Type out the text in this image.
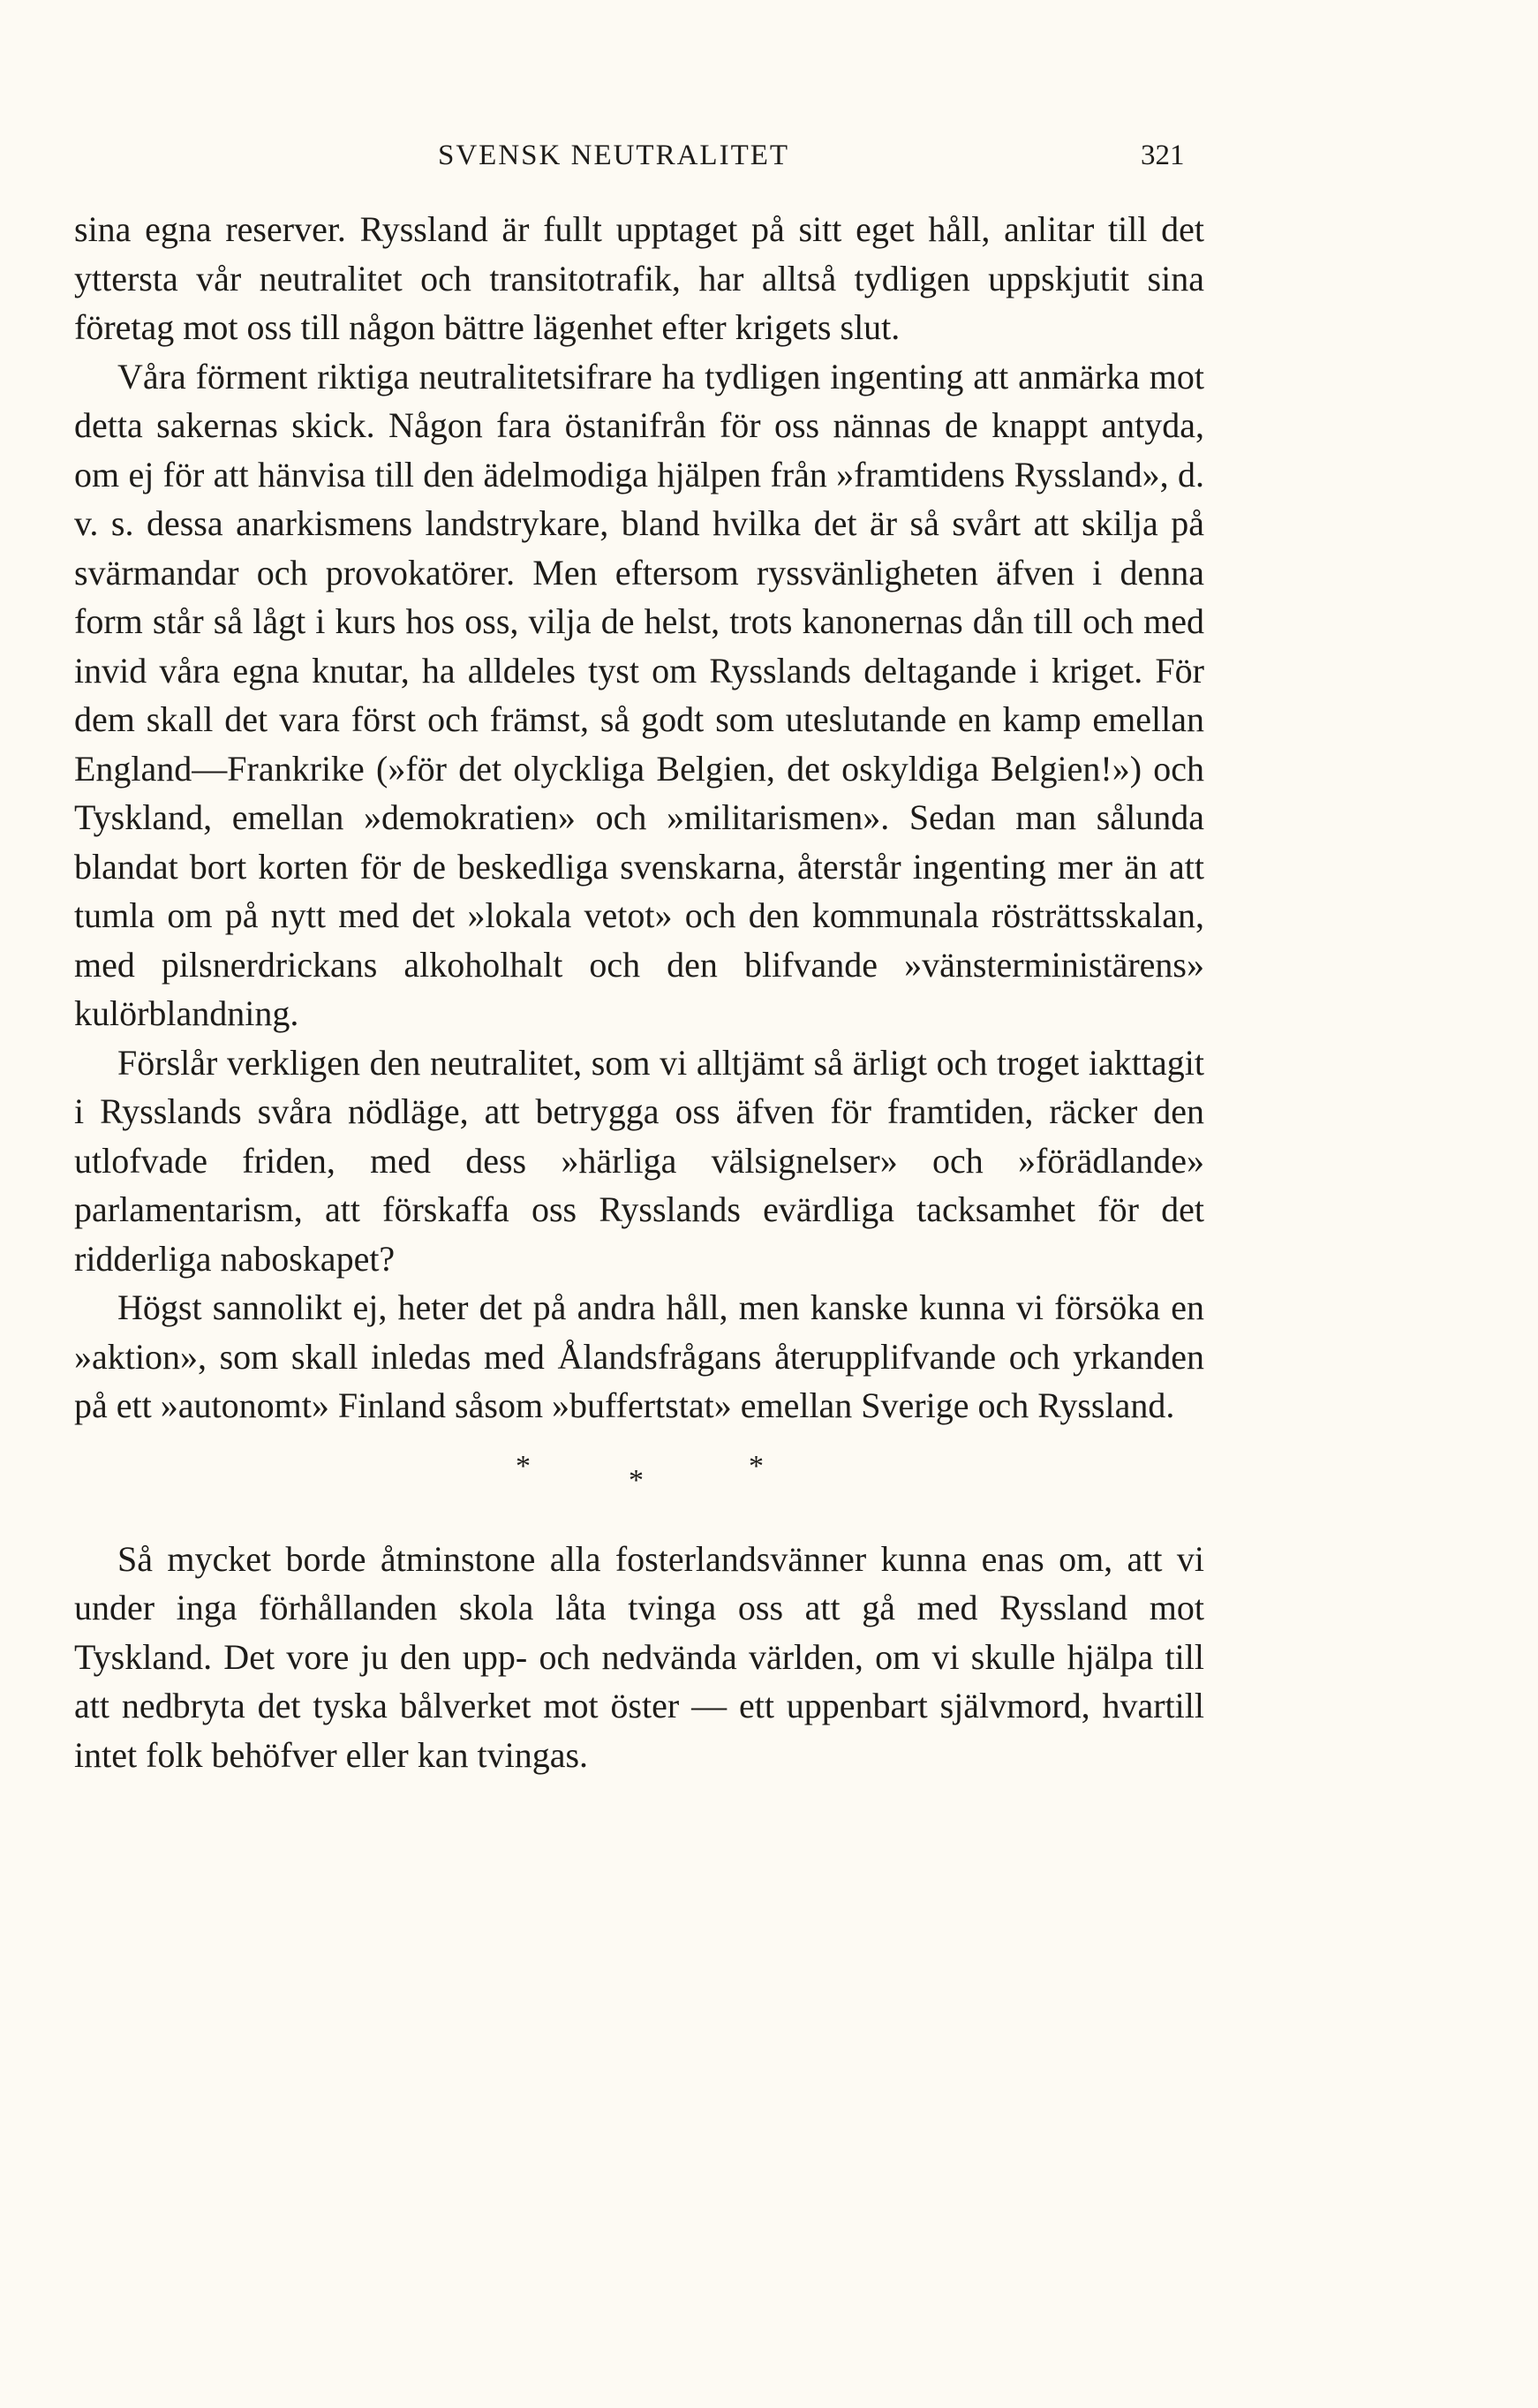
SVENSK NEUTRALITET	321

sina egna reserver. Ryssland är fullt upptaget på sitt eget håll, anlitar till det yttersta vår neutralitet och transitotrafik, har alltså tydligen uppskjutit sina företag mot oss till någon bättre lägenhet efter krigets slut.

Våra förment riktiga neutralitetsifrare ha tydligen ingenting att anmärka mot detta sakernas skick. Någon fara östanifrån för oss nännas de knappt antyda, om ej för att hänvisa till den ädelmodiga hjälpen från »framtidens Ryssland», d. v. s. dessa anarkismens landstrykare, bland hvilka det är så svårt att skilja på svärmandar och provokatörer. Men eftersom ryssvänligheten äfven i denna form står så lågt i kurs hos oss, vilja de helst, trots kanonernas dån till och med invid våra egna knutar, ha alldeles tyst om Rysslands deltagande i kriget. För dem skall det vara först och främst, så godt som uteslutande en kamp emellan England—Frankrike (»för det olyckliga Belgien, det oskyldiga Belgien!») och Tyskland, emellan »demokratien» och »militarismen». Sedan man sålunda blandat bort korten för de beskedliga svenskarna, återstår ingenting mer än att tumla om på nytt med det »lokala vetot» och den kommunala rösträttsskalan, med pilsnerdrickans alkoholhalt och den blifvande »vänsterministärens» kulörblandning.

Förslår verkligen den neutralitet, som vi alltjämt så ärligt och troget iakttagit i Rysslands svåra nödläge, att betrygga oss äfven för framtiden, räcker den utlofvade friden, med dess »härliga välsignelser» och »förädlande» parlamentarism, att förskaffa oss Rysslands evärdliga tacksamhet för det ridderliga naboskapet?

Högst sannolikt ej, heter det på andra håll, men kanske kunna vi försöka en »aktion», som skall inledas med Ålandsfrågans återupplifvande och yrkanden på ett »autonomt» Finland såsom »buffertstat» emellan Sverige och Ryssland.

*	*	*

Så mycket borde åtminstone alla fosterlandsvänner kunna enas om, att vi under inga förhållanden skola låta tvinga oss att gå med Ryssland mot Tyskland. Det vore ju den upp- och nedvända världen, om vi skulle hjälpa till att nedbryta det tyska bålverket mot öster — ett uppenbart självmord, hvartill intet folk behöfver eller kan tvingas.
